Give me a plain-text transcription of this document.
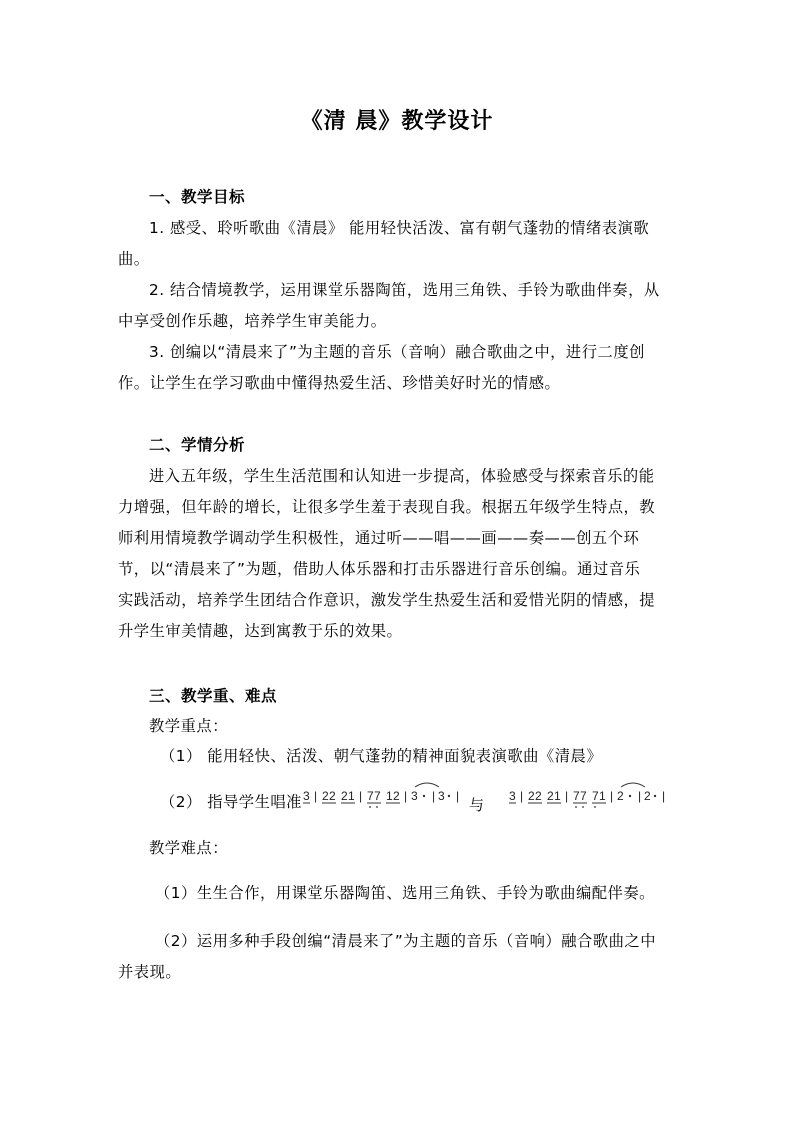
《清 晨》教学设计
一、教学目标
1. 感受、聆听歌曲《清晨》 能用轻快活泼、富有朝气蓬勃的情绪表演歌
曲。
2. 结合情境教学，运用课堂乐器陶笛，选用三角铁、手铃为歌曲伴奏，从
中享受创作乐趣，培养学生审美能力。
3. 创编以“清晨来了”为主题的音乐（音响）融合歌曲之中，进行二度创
作。让学生在学习歌曲中懂得热爱生活、珍惜美好时光的情感。
二、学情分析
进入五年级，学生生活范围和认知进一步提高，体验感受与探索音乐的能
力增强，但年龄的增长，让很多学生羞于表现自我。根据五年级学生特点，教
师利用情境教学调动学生积极性，通过听——唱——画——奏——创五个环
节，以“清晨来了”为题，借助人体乐器和打击乐器进行音乐创编。通过音乐
实践活动，培养学生团结合作意识，激发学生热爱生活和爱惜光阴的情感，提
升学生审美情趣，达到寓教于乐的效果。
三、教学重、难点
教学重点：
（1） 能用轻快、活泼、朝气蓬勃的精神面貌表演歌曲《清晨》
（2） 指导学生唱准 3 | 2 2 2 1 | 7 7 1 2 | 3 | 3 | 与 3 | 2 2 2 1 | 7 7 7 1 | 2 | 2 |
教学难点：
（1）生生合作，用课堂乐器陶笛、选用三角铁、手铃为歌曲编配伴奏。
（2）运用多种手段创编“清晨来了”为主题的音乐（音响）融合歌曲之中
并表现。
